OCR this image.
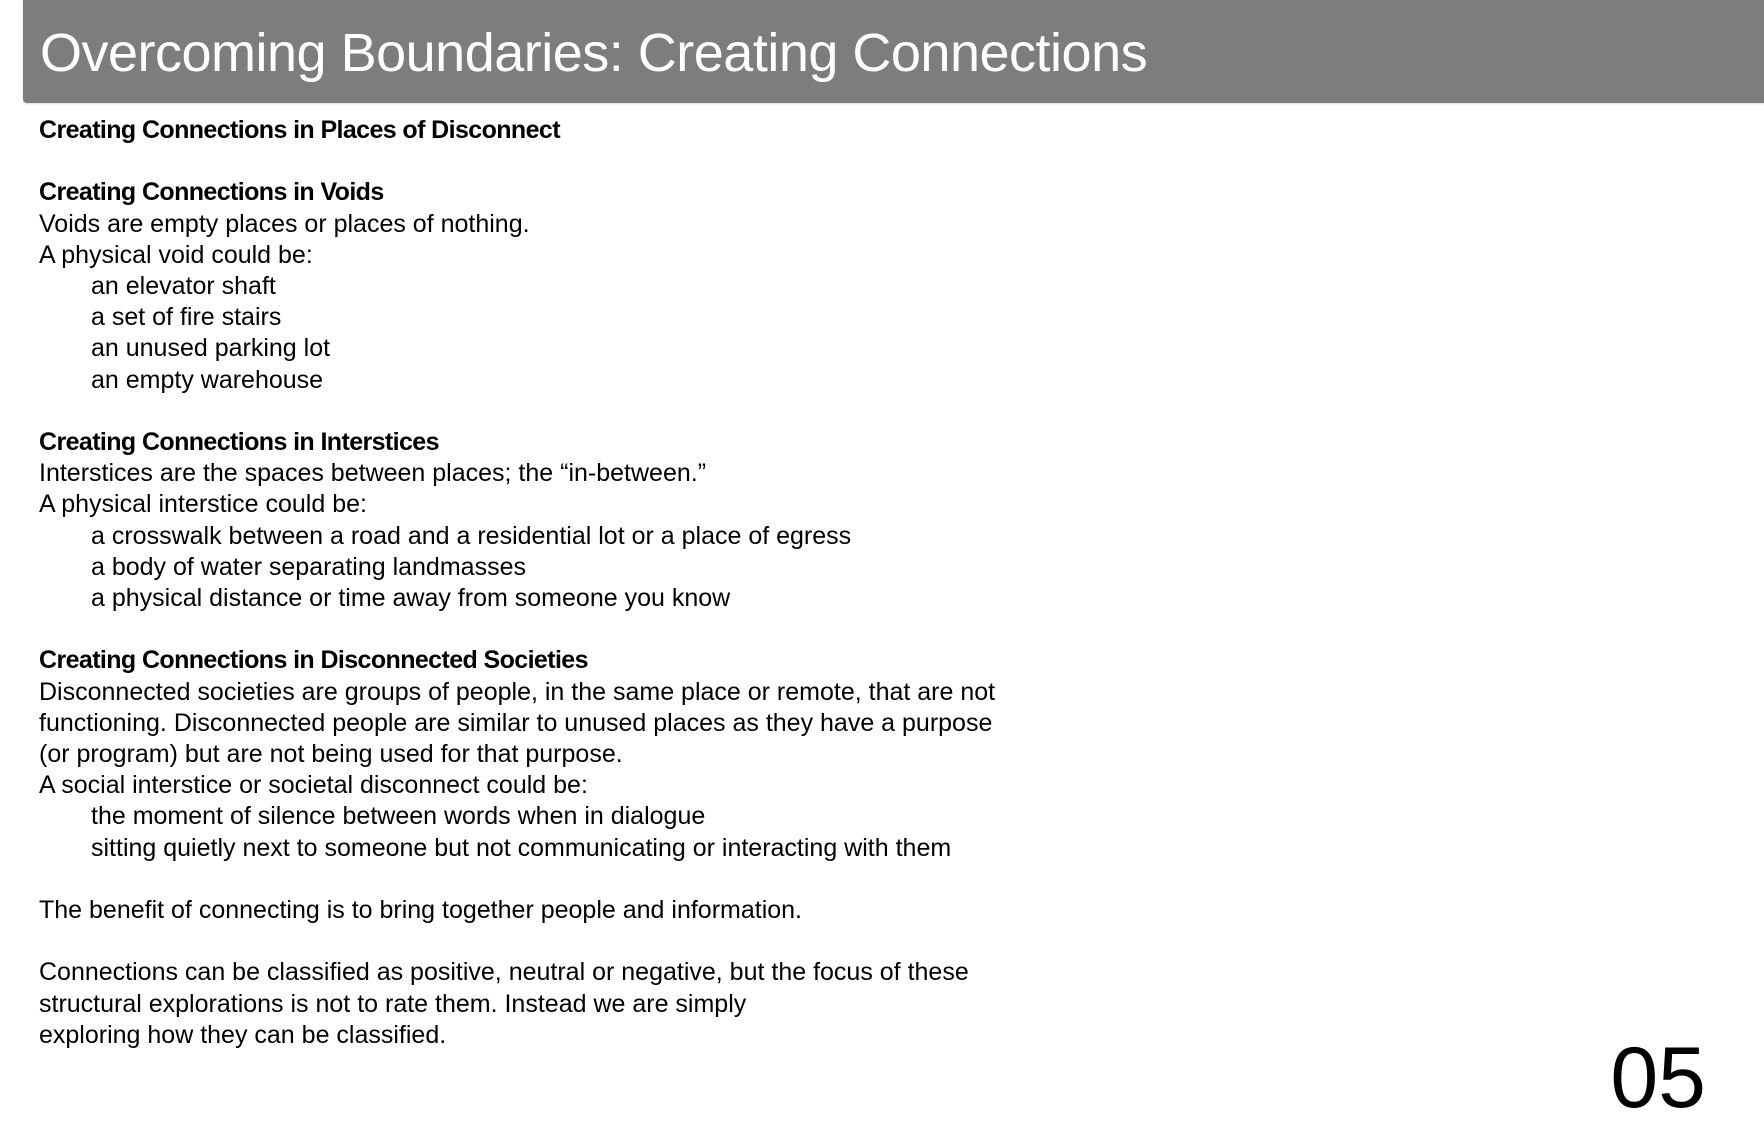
Overcoming Boundaries: Creating Connections
Creating Connections in Places of Disconnect
Creating Connections in Voids
Voids are empty places or places of nothing.
A physical void could be:
an elevator shaft
a set of fire stairs
an unused parking lot
an empty warehouse
Creating Connections in Interstices
Interstices are the spaces between places; the “in-between.”
A physical interstice could be:
a crosswalk between a road and a residential lot or a place of egress
a body of water separating landmasses
a physical distance or time away from someone you know
Creating Connections in Disconnected Societies
Disconnected societies are groups of people, in the same place or remote, that are not
functioning. Disconnected people are similar to unused places as they have a purpose
(or program) but are not being used for that purpose.
A social interstice or societal disconnect could be:
the moment of silence between words when in dialogue
sitting quietly next to someone but not communicating or interacting with them
The benefit of connecting is to bring together people and information.
Connections can be classified as positive, neutral or negative, but the focus of these
structural explorations is not to rate them. Instead we are simply
exploring how they can be classified.	05
